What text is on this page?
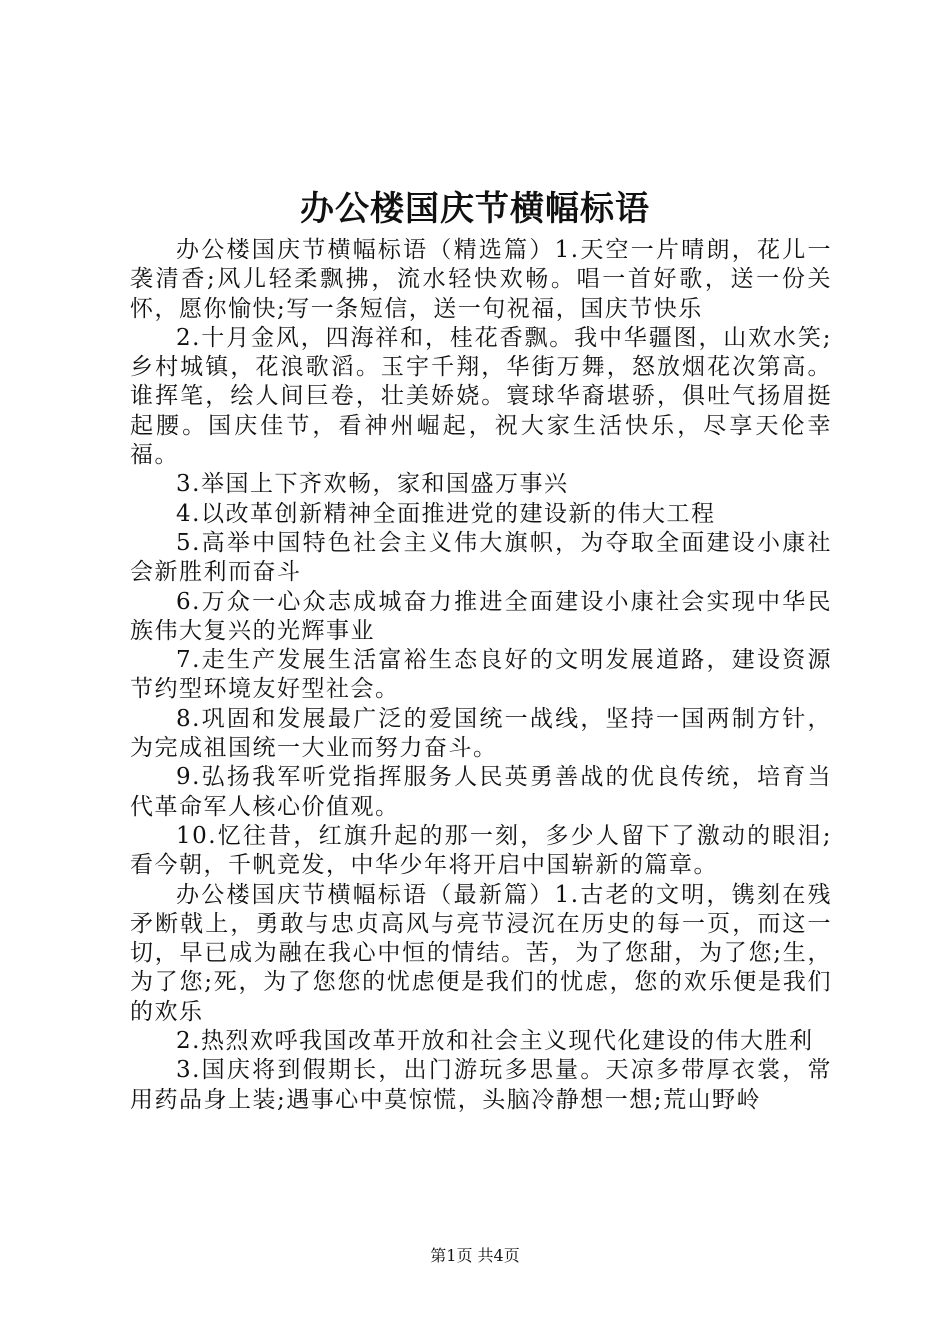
办公楼国庆节横幅标语

办公楼国庆节横幅标语（精选篇）1.天空一片晴朗，花儿一袭清香;风儿轻柔飘拂，流水轻快欢畅。唱一首好歌，送一份关怀，愿你愉快;写一条短信，送一句祝福，国庆节快乐

2.十月金风，四海祥和，桂花香飘。我中华疆图，山欢水笑;乡村城镇，花浪歌滔。玉宇千翔，华街万舞，怒放烟花次第高。谁挥笔，绘人间巨卷，壮美娇娆。寰球华裔堪骄，俱吐气扬眉挺起腰。国庆佳节，看神州崛起，祝大家生活快乐，尽享天伦幸福。

3.举国上下齐欢畅，家和国盛万事兴

4.以改革创新精神全面推进党的建设新的伟大工程

5.高举中国特色社会主义伟大旗帜，为夺取全面建设小康社会新胜利而奋斗

6.万众一心众志成城奋力推进全面建设小康社会实现中华民族伟大复兴的光辉事业

7.走生产发展生活富裕生态良好的文明发展道路，建设资源节约型环境友好型社会。

8.巩固和发展最广泛的爱国统一战线，坚持一国两制方针，为完成祖国统一大业而努力奋斗。

9.弘扬我军听党指挥服务人民英勇善战的优良传统，培育当代革命军人核心价值观。

10.忆往昔，红旗升起的那一刻，多少人留下了激动的眼泪;看今朝，千帆竞发，中华少年将开启中国崭新的篇章。

办公楼国庆节横幅标语（最新篇）1.古老的文明，镌刻在残矛断戟上，勇敢与忠贞高风与亮节浸沉在历史的每一页，而这一切，早已成为融在我心中恒的情结。苦，为了您甜，为了您;生，为了您;死，为了您您的忧虑便是我们的忧虑，您的欢乐便是我们的欢乐

2.热烈欢呼我国改革开放和社会主义现代化建设的伟大胜利

3.国庆将到假期长，出门游玩多思量。天凉多带厚衣裳，常用药品身上装;遇事心中莫惊慌，头脑冷静想一想;荒山野岭

第1页 共4页
